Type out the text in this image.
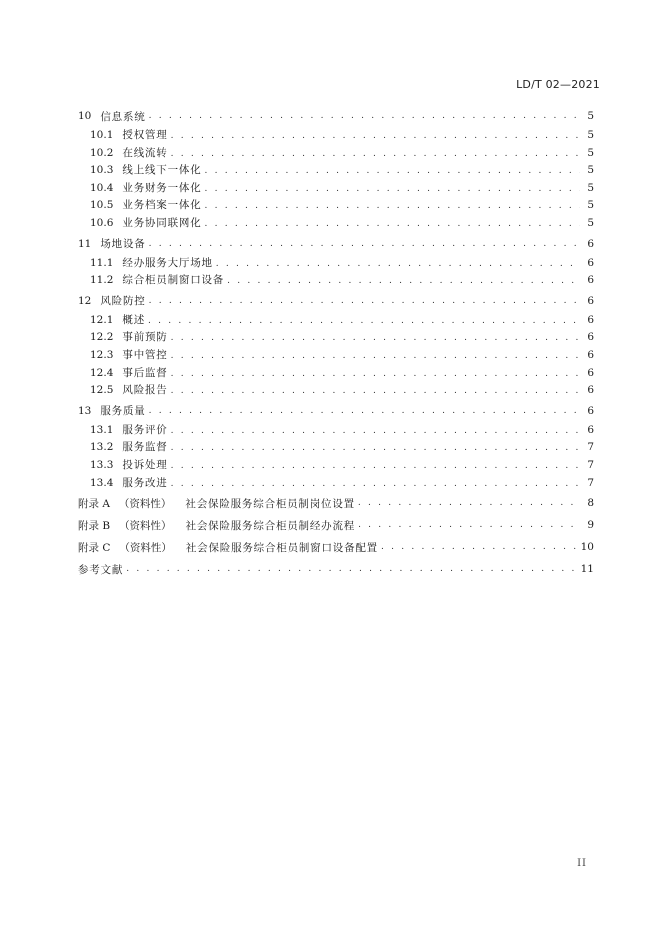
LD/T 02—2021
10 信息系统 . . .	5
10.1 授权管理 . . .	5
10.2 在线流转 . . .	5
10.3 线上线下一体化 . . .	5
10.4 业务财务一体化 . . .	5
10.5 业务档案一体化 . . .	5
10.6 业务协同联网化 . . .	5
11 场地设备 . . .	6
11.1 经办服务大厅场地 . . .	6
11.2 综合柜员制窗口设备 . . .	6
12 风险防控 . . .	6
12.1 概述 . . .	6
12.2 事前预防 . . .	6
12.3 事中管控 . . .	6
12.4 事后监督 . . .	6
12.5 风险报告 . . .	6
13 服务质量 . . .	6
13.1 服务评价 . . .	6
13.2 服务监督 . . .	7
13.3 投诉处理 . . .	7
13.4 服务改进 . . .	7
附录 A （资料性） 社会保险服务综合柜员制岗位设置 . . .	8
附录 B （资料性） 社会保险服务综合柜员制经办流程 . . .	9
附录 C （资料性） 社会保险服务综合柜员制窗口设备配置 . . .	10
参考文献 . . .	11
II
